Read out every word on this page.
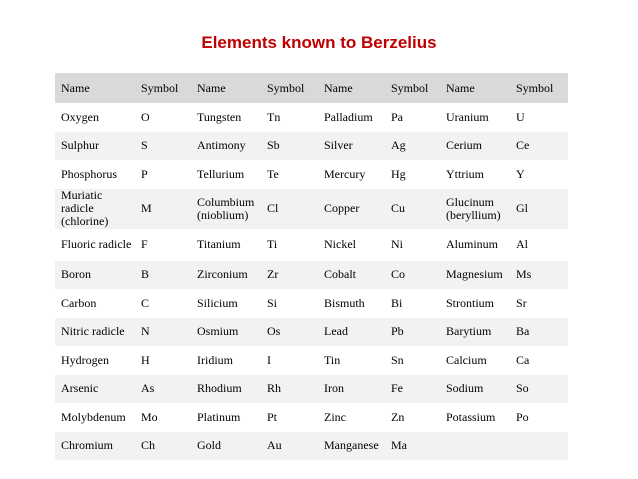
Elements known to Berzelius
Name	Symbol	Name	Symbol	Name	Symbol	Name	Symbol
Oxygen	O	Tungsten	Tn	Palladium	Pa	Uranium	U
Sulphur	S	Antimony	Sb	Silver	Ag	Cerium	Ce
Phosphorus	P	Tellurium	Te	Mercury	Hg	Yttrium	Y
Muriatic radicle (chlorine)	M	Columbium (nioblium)	Cl	Copper	Cu	Glucinum (beryllium)	Gl
Fluoric radicle	F	Titanium	Ti	Nickel	Ni	Aluminum	Al
Boron	B	Zirconium	Zr	Cobalt	Co	Magnesium	Ms
Carbon	C	Silicium	Si	Bismuth	Bi	Strontium	Sr
Nitric radicle	N	Osmium	Os	Lead	Pb	Barytium	Ba
Hydrogen	H	Iridium	I	Tin	Sn	Calcium	Ca
Arsenic	As	Rhodium	Rh	Iron	Fe	Sodium	So
Molybdenum	Mo	Platinum	Pt	Zinc	Zn	Potassium	Po
Chromium	Ch	Gold	Au	Manganese	Ma		
